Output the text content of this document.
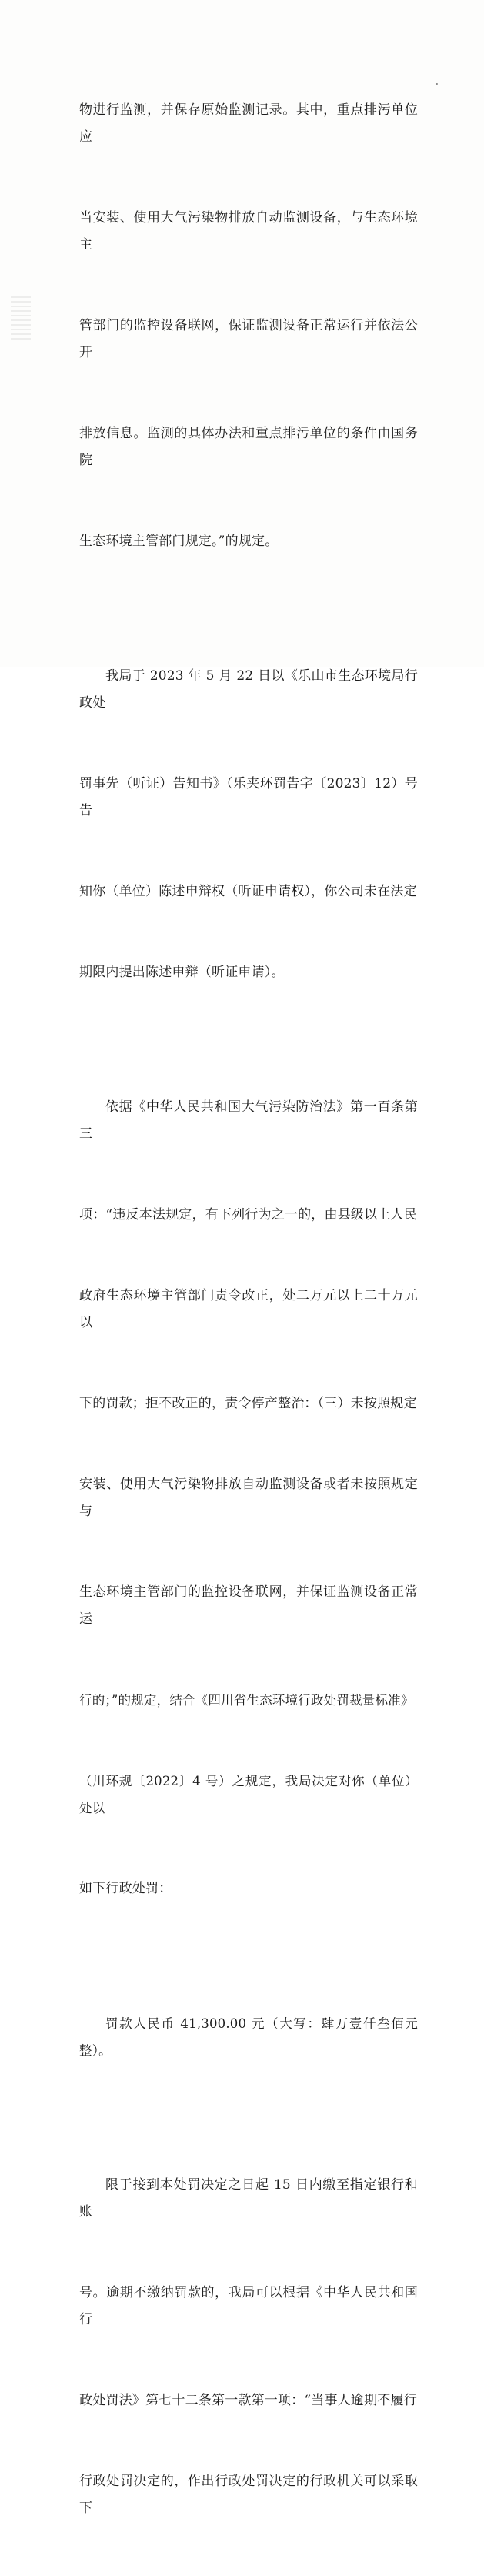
物进行监测，并保存原始监测记录。其中，重点排污单位应

当安装、使用大气污染物排放自动监测设备，与生态环境主

管部门的监控设备联网，保证监测设备正常运行并依法公开

排放信息。监测的具体办法和重点排污单位的条件由国务院

生态环境主管部门规定。”的规定。

我局于 2023 年 5 月 22 日以《乐山市生态环境局行政处

罚事先（听证）告知书》（乐夹环罚告字〔2023〕12）号告

知你（单位）陈述申辩权（听证申请权），你公司未在法定

期限内提出陈述申辩（听证申请）。

依据《中华人民共和国大气污染防治法》第一百条第三

项：“违反本法规定，有下列行为之一的，由县级以上人民

政府生态环境主管部门责令改正，处二万元以上二十万元以

下的罚款；拒不改正的，责令停产整治：（三）未按照规定

安装、使用大气污染物排放自动监测设备或者未按照规定与

生态环境主管部门的监控设备联网，并保证监测设备正常运

行的；”的规定，结合《四川省生态环境行政处罚裁量标准》

（川环规〔2022〕4 号）之规定，我局决定对你（单位）处以

如下行政处罚：

罚款人民币 41,300.00 元（大写：肆万壹仟叁佰元整）。

限于接到本处罚决定之日起 15 日内缴至指定银行和账

号。逾期不缴纳罚款的，我局可以根据《中华人民共和国行

政处罚法》第七十二条第一款第一项：“当事人逾期不履行

行政处罚决定的，作出行政处罚决定的行政机关可以采取下
